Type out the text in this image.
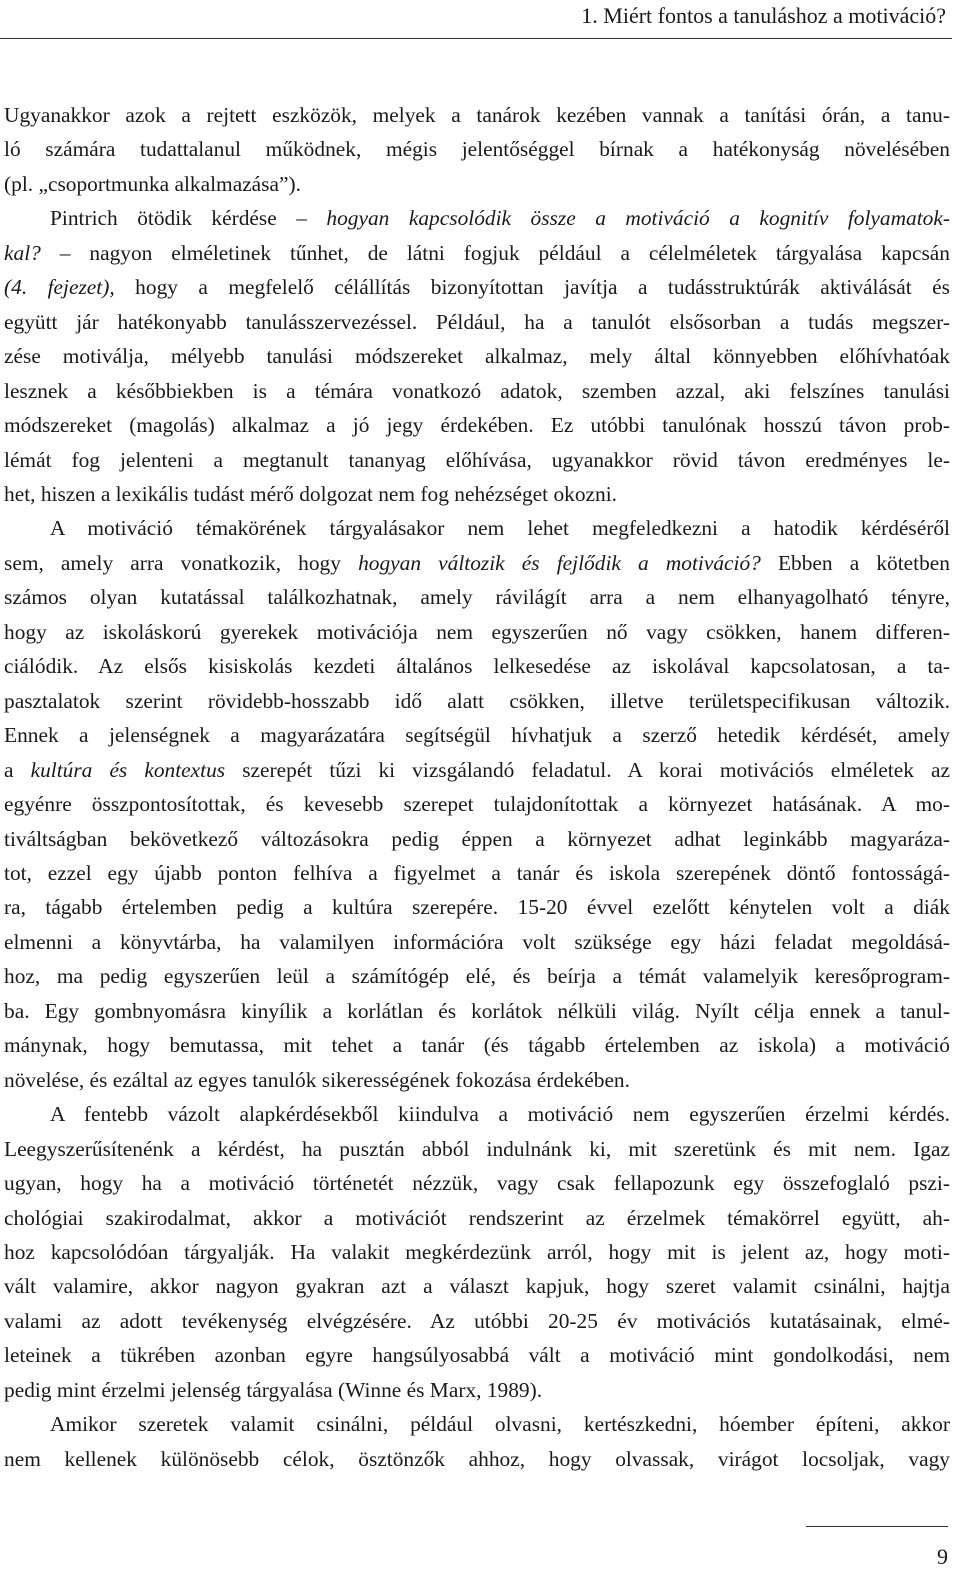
1. Miért fontos a tanuláshoz a motiváció?
Ugyanakkor azok a rejtett eszközök, melyek a tanárok kezében vannak a tanítási órán, a tanu-
ló számára tudattalanul működnek, mégis jelentőséggel bírnak a hatékonyság növelésében
(pl. „csoportmunka alkalmazása”).
Pintrich ötödik kérdése – hogyan kapcsolódik össze a motiváció a kognitív folyamatok-
kal? – nagyon elméletinek tűnhet, de látni fogjuk például a célelméletek tárgyalása kapcsán
(4. fejezet), hogy a megfelelő célállítás bizonyítottan javítja a tudásstruktúrák aktiválását és
együtt jár hatékonyabb tanulásszervezéssel. Például, ha a tanulót elsősorban a tudás megszer-
zése motiválja, mélyebb tanulási módszereket alkalmaz, mely által könnyebben előhívhatóak
lesznek a későbbiekben is a témára vonatkozó adatok, szemben azzal, aki felszínes tanulási
módszereket (magolás) alkalmaz a jó jegy érdekében. Ez utóbbi tanulónak hosszú távon prob-
lémát fog jelenteni a megtanult tananyag előhívása, ugyanakkor rövid távon eredményes le-
het, hiszen a lexikális tudást mérő dolgozat nem fog nehézséget okozni.
A motiváció témakörének tárgyalásakor nem lehet megfeledkezni a hatodik kérdéséről
sem, amely arra vonatkozik, hogy hogyan változik és fejlődik a motiváció? Ebben a kötetben
számos olyan kutatással találkozhatnak, amely rávilágít arra a nem elhanyagolható tényre,
hogy az iskoláskorú gyerekek motivációja nem egyszerűen nő vagy csökken, hanem differen-
ciálódik. Az elsős kisiskolás kezdeti általános lelkesedése az iskolával kapcsolatosan, a ta-
pasztalatok szerint rövidebb-hosszabb idő alatt csökken, illetve területspecifikusan változik.
Ennek a jelenségnek a magyarázatára segítségül hívhatjuk a szerző hetedik kérdését, amely
a kultúra és kontextus szerepét tűzi ki vizsgálandó feladatul. A korai motivációs elméletek az
egyénre összpontosítottak, és kevesebb szerepet tulajdonítottak a környezet hatásának. A mo-
tiváltságban bekövetkező változásokra pedig éppen a környezet adhat leginkább magyaráza-
tot, ezzel egy újabb ponton felhíva a figyelmet a tanár és iskola szerepének döntő fontosságá-
ra, tágabb értelemben pedig a kultúra szerepére. 15-20 évvel ezelőtt kénytelen volt a diák
elmenni a könyvtárba, ha valamilyen információra volt szüksége egy házi feladat megoldásá-
hoz, ma pedig egyszerűen leül a számítógép elé, és beírja a témát valamelyik keresőprogram-
ba. Egy gombnyomásra kinyílik a korlátlan és korlátok nélküli világ. Nyílt célja ennek a tanul-
mánynak, hogy bemutassa, mit tehet a tanár (és tágabb értelemben az iskola) a motiváció
növelése, és ezáltal az egyes tanulók sikerességének fokozása érdekében.
A fentebb vázolt alapkérdésekből kiindulva a motiváció nem egyszerűen érzelmi kérdés.
Leegyszerűsítenénk a kérdést, ha pusztán abból indulnánk ki, mit szeretünk és mit nem. Igaz
ugyan, hogy ha a motiváció történetét nézzük, vagy csak fellapozunk egy összefoglaló pszi-
chológiai szakirodalmat, akkor a motivációt rendszerint az érzelmek témakörrel együtt, ah-
hoz kapcsolódóan tárgyalják. Ha valakit megkérdezünk arról, hogy mit is jelent az, hogy moti-
vált valamire, akkor nagyon gyakran azt a választ kapjuk, hogy szeret valamit csinálni, hajtja
valami az adott tevékenység elvégzésére. Az utóbbi 20-25 év motivációs kutatásainak, elmé-
leteinek a tükrében azonban egyre hangsúlyosabbá vált a motiváció mint gondolkodási, nem
pedig mint érzelmi jelenség tárgyalása (Winne és Marx, 1989).
Amikor szeretek valamit csinálni, például olvasni, kertészkedni, hóember építeni, akkor
nem kellenek különösebb célok, ösztönzők ahhoz, hogy olvassak, virágot locsoljak, vagy
9
